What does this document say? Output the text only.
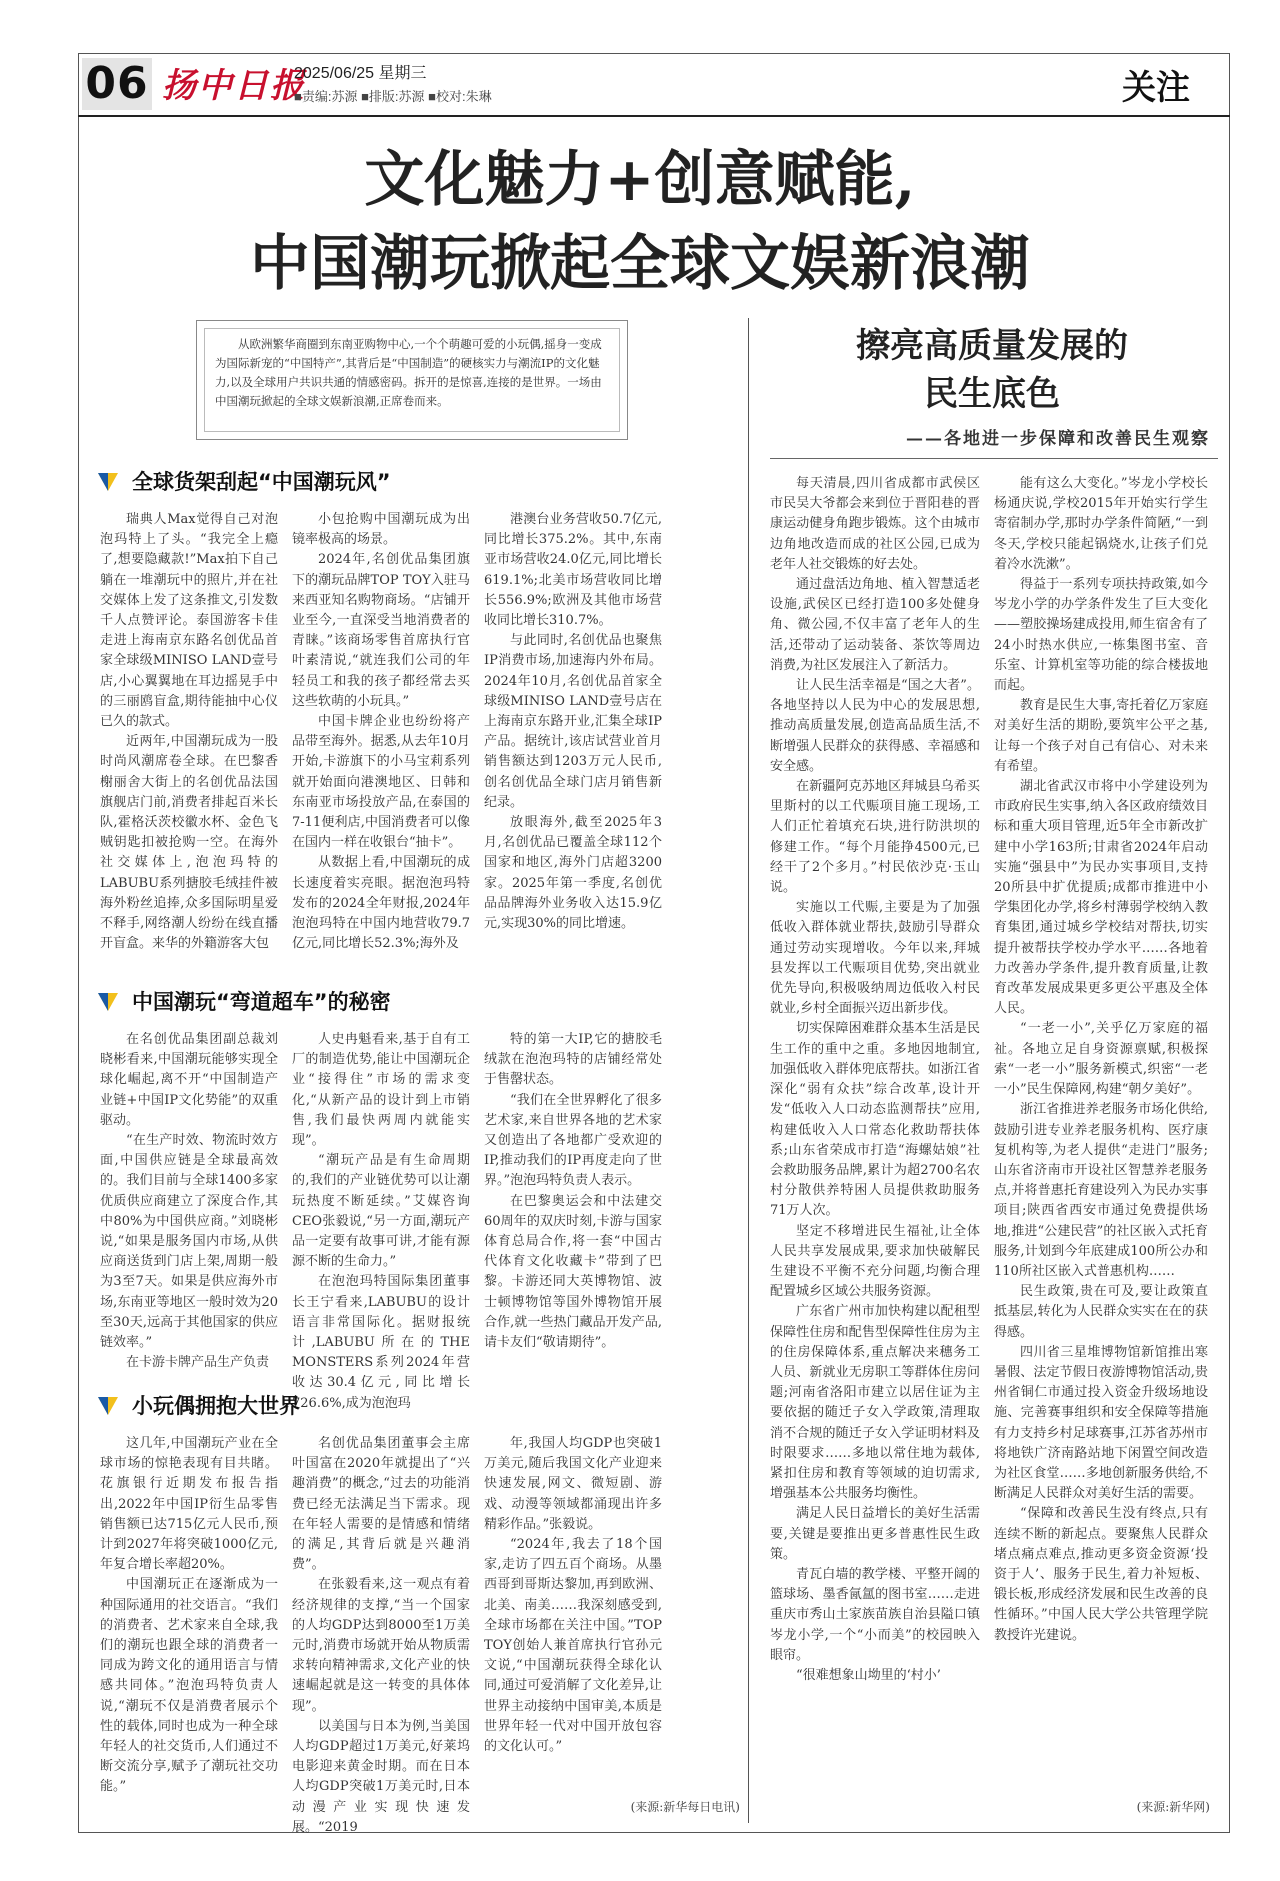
06 扬中日报
2025/06/25 星期三
■责编:苏源 ■排版:苏源 ■校对:朱琳	关注
文化魅力+创意赋能,
中国潮玩掀起全球文娱新浪潮
从欧洲繁华商圈到东南亚购物中心,一个个萌趣可爱的小玩偶,摇身一变成为国际新宠的“中国特产”,其背后是“中国制造”的硬核实力与潮流IP的文化魅力,以及全球用户共识共通的情感密码。拆开的是惊喜,连接的是世界。一场由中国潮玩掀起的全球文娱新浪潮,正席卷而来。
擦亮高质量发展的
民生底色
——各地进一步保障和改善民生观察
全球货架刮起“中国潮玩风”

瑞典人Max觉得自己对泡泡玛特上了头。“我完全上瘾了,想要隐藏款!”Max拍下自己躺在一堆潮玩中的照片,并在社交媒体上发了这条推文,引发数千人点赞评论。泰国游客卡佳走进上海南京东路名创优品首家全球级MINISO LAND壹号店,小心翼翼地在耳边摇晃手中的三丽鸥盲盒,期待能抽中心仪已久的款式。

近两年,中国潮玩成为一股时尚风潮席卷全球。在巴黎香榭丽舍大街上的名创优品法国旗舰店门前,消费者排起百米长队,霍格沃茨校徽水杯、金色飞贼钥匙扣被抢购一空。在海外社交媒体上,泡泡玛特的LABUBU系列搪胶毛绒挂件被海外粉丝追捧,众多国际明星爱不释手,网络潮人纷纷在线直播开盲盒。来华的外籍游客大包

小包抢购中国潮玩成为出镜率极高的场景。

2024年,名创优品集团旗下的潮玩品牌TOP TOY入驻马来西亚知名购物商场。“店铺开业至今,一直深受当地消费者的青睐。”该商场零售首席执行官叶素清说,“就连我们公司的年轻员工和我的孩子都经常去买这些软萌的小玩具。”

中国卡牌企业也纷纷将产品带至海外。据悉,从去年10月开始,卡游旗下的小马宝莉系列就开始面向港澳地区、日韩和东南亚市场投放产品,在泰国的7-11便利店,中国消费者可以像在国内一样在收银台“抽卡”。

从数据上看,中国潮玩的成长速度着实亮眼。据泡泡玛特发布的2024全年财报,2024年泡泡玛特在中国内地营收79.7亿元,同比增长52.3%;海外及

港澳台业务营收50.7亿元,同比增长375.2%。其中,东南亚市场营收24.0亿元,同比增长619.1%;北美市场营收同比增长556.9%;欧洲及其他市场营收同比增长310.7%。

与此同时,名创优品也聚焦IP消费市场,加速海内外布局。2024年10月,名创优品首家全球级MINISO LAND壹号店在上海南京东路开业,汇集全球IP产品。据统计,该店试营业首月销售额达到1203万元人民币,创名创优品全球门店月销售新纪录。

放眼海外,截至2025年3月,名创优品已覆盖全球112个国家和地区,海外门店超3200家。2025年第一季度,名创优品品牌海外业务收入达15.9亿元,实现30%的同比增速。

中国潮玩“弯道超车”的秘密

在名创优品集团副总裁刘晓彬看来,中国潮玩能够实现全球化崛起,离不开“中国制造产业链+中国IP文化势能”的双重驱动。

“在生产时效、物流时效方面,中国供应链是全球最高效的。我们目前与全球1400多家优质供应商建立了深度合作,其中80%为中国供应商。”刘晓彬说,“如果是服务国内市场,从供应商送货到门店上架,周期一般为3至7天。如果是供应海外市场,东南亚等地区一般时效为20至30天,远高于其他国家的供应链效率。”

在卡游卡牌产品生产负责

人史冉魁看来,基于自有工厂的制造优势,能让中国潮玩企业“接得住”市场的需求变化,“从新产品的设计到上市销售,我们最快两周内就能实现”。

“潮玩产品是有生命周期的,我们的产业链优势可以让潮玩热度不断延续。”艾媒咨询CEO张毅说,“另一方面,潮玩产品一定要有故事可讲,才能有源源不断的生命力。”

在泡泡玛特国际集团董事长王宁看来,LABUBU的设计语言非常国际化。据财报统计,LABUBU所在的THE MONSTERS系列2024年营收达30.4亿元,同比增长726.6%,成为泡泡玛

特的第一大IP,它的搪胶毛绒款在泡泡玛特的店铺经常处于售罄状态。

“我们在全世界孵化了很多艺术家,来自世界各地的艺术家又创造出了各地都广受欢迎的IP,推动我们的IP再度走向了世界。”泡泡玛特负责人表示。

在巴黎奥运会和中法建交60周年的双庆时刻,卡游与国家体育总局合作,将一套“中国古代体育文化收藏卡”带到了巴黎。卡游还同大英博物馆、波士顿博物馆等国外博物馆开展合作,就一些热门藏品开发产品,请卡友们“敬请期待”。

小玩偶拥抱大世界

这几年,中国潮玩产业在全球市场的惊艳表现有目共睹。花旗银行近期发布报告指出,2022年中国IP衍生品零售销售额已达715亿元人民币,预计到2027年将突破1000亿元,年复合增长率超20%。

中国潮玩正在逐渐成为一种国际通用的社交语言。“我们的消费者、艺术家来自全球,我们的潮玩也跟全球的消费者一同成为跨文化的通用语言与情感共同体。”泡泡玛特负责人说,“潮玩不仅是消费者展示个性的载体,同时也成为一种全球年轻人的社交货币,人们通过不断交流分享,赋予了潮玩社交功能。”

名创优品集团董事会主席叶国富在2020年就提出了“兴趣消费”的概念,“过去的功能消费已经无法满足当下需求。现在年轻人需要的是情感和情绪的满足,其背后就是兴趣消费”。

在张毅看来,这一观点有着经济规律的支撑,“当一个国家的人均GDP达到8000至1万美元时,消费市场就开始从物质需求转向精神需求,文化产业的快速崛起就是这一转变的具体体现”。

以美国与日本为例,当美国人均GDP超过1万美元,好莱坞电影迎来黄金时期。而在日本人均GDP突破1万美元时,日本动漫产业实现快速发展。“2019

年,我国人均GDP也突破1万美元,随后我国文化产业迎来快速发展,网文、微短剧、游戏、动漫等领域都涌现出许多精彩作品。”张毅说。

“2024年,我去了18个国家,走访了四五百个商场。从墨西哥到哥斯达黎加,再到欧洲、北美、南美……我深刻感受到,全球市场都在关注中国。”TOP TOY创始人兼首席执行官孙元文说,“中国潮玩获得全球化认同,通过可爱消解了文化差异,让世界主动接纳中国审美,本质是世界年轻一代对中国开放包容的文化认可。”

(来源:新华每日电讯)

每天清晨,四川省成都市武侯区市民吴大爷都会来到位于晋阳巷的晋康运动健身角跑步锻炼。这个由城市边角地改造而成的社区公园,已成为老年人社交锻炼的好去处。

通过盘活边角地、植入智慧适老设施,武侯区已经打造100多处健身角、微公园,不仅丰富了老年人的生活,还带动了运动装备、茶饮等周边消费,为社区发展注入了新活力。

让人民生活幸福是“国之大者”。各地坚持以人民为中心的发展思想,推动高质量发展,创造高品质生活,不断增强人民群众的获得感、幸福感和安全感。

在新疆阿克苏地区拜城县乌希买里斯村的以工代赈项目施工现场,工人们正忙着填充石块,进行防洪坝的修建工作。“每个月能挣4500元,已经干了2个多月。”村民依沙克·玉山说。

实施以工代赈,主要是为了加强低收入群体就业帮扶,鼓励引导群众通过劳动实现增收。今年以来,拜城县发挥以工代赈项目优势,突出就业优先导向,积极吸纳周边低收入村民就业,乡村全面振兴迈出新步伐。

切实保障困难群众基本生活是民生工作的重中之重。多地因地制宜,加强低收入群体兜底帮扶。如浙江省深化“弱有众扶”综合改革,设计开发“低收入人口动态监测帮扶”应用,构建低收入人口常态化救助帮扶体系;山东省荣成市打造“海螺姑娘”社会救助服务品牌,累计为超2700名农村分散供养特困人员提供救助服务71万人次。

坚定不移增进民生福祉,让全体人民共享发展成果,要求加快破解民生建设不平衡不充分问题,均衡合理配置城乡区域公共服务资源。

广东省广州市加快构建以配租型保障性住房和配售型保障性住房为主的住房保障体系,重点解决来穗务工人员、新就业无房职工等群体住房问题;河南省洛阳市建立以居住证为主要依据的随迁子女入学政策,清理取消不合规的随迁子女入学证明材料及时限要求……多地以常住地为载体,紧扣住房和教育等领域的迫切需求,增强基本公共服务均衡性。

满足人民日益增长的美好生活需要,关键是要推出更多普惠性民生政策。

青瓦白墙的教学楼、平整开阔的篮球场、墨香氤氲的图书室……走进重庆市秀山土家族苗族自治县隘口镇岑龙小学,一个“小而美”的校园映入眼帘。

“很难想象山坳里的‘村小’

能有这么大变化。”岑龙小学校长杨通庆说,学校2015年开始实行学生寄宿制办学,那时办学条件简陋,“一到冬天,学校只能起锅烧水,让孩子们兑着冷水洗漱”。

得益于一系列专项扶持政策,如今岑龙小学的办学条件发生了巨大变化——塑胶操场建成投用,师生宿舍有了24小时热水供应,一栋集图书室、音乐室、计算机室等功能的综合楼拔地而起。

教育是民生大事,寄托着亿万家庭对美好生活的期盼,要筑牢公平之基,让每一个孩子对自己有信心、对未来有希望。

湖北省武汉市将中小学建设列为市政府民生实事,纳入各区政府绩效目标和重大项目管理,近5年全市新改扩建中小学163所;甘肃省2024年启动实施“强县中”为民办实事项目,支持20所县中扩优提质;成都市推进中小学集团化办学,将乡村薄弱学校纳入教育集团,通过城乡学校结对帮扶,切实提升被帮扶学校办学水平……各地着力改善办学条件,提升教育质量,让教育改革发展成果更多更公平惠及全体人民。

“一老一小”,关乎亿万家庭的福祉。各地立足自身资源禀赋,积极探索“一老一小”服务新模式,织密“一老一小”民生保障网,构建“朝夕美好”。

浙江省推进养老服务市场化供给,鼓励引进专业养老服务机构、医疗康复机构等,为老人提供“走进门”服务;山东省济南市开设社区智慧养老服务点,并将普惠托育建设列入为民办实事项目;陕西省西安市通过免费提供场地,推进“公建民营”的社区嵌入式托育服务,计划到今年底建成100所公办和110所社区嵌入式普惠机构……

民生政策,贵在可及,要让政策直抵基层,转化为人民群众实实在在的获得感。

四川省三星堆博物馆新馆推出寒暑假、法定节假日夜游博物馆活动,贵州省铜仁市通过投入资金升级场地设施、完善赛事组织和安全保障等措施有力支持乡村足球赛事,江苏省苏州市将地铁广济南路站地下闲置空间改造为社区食堂……多地创新服务供给,不断满足人民群众对美好生活的需要。

“保障和改善民生没有终点,只有连续不断的新起点。要聚焦人民群众堵点痛点难点,推动更多资金资源‘投资于人’、服务于民生,着力补短板、锻长板,形成经济发展和民生改善的良性循环。”中国人民大学公共管理学院教授许光建说。

(来源:新华网)
